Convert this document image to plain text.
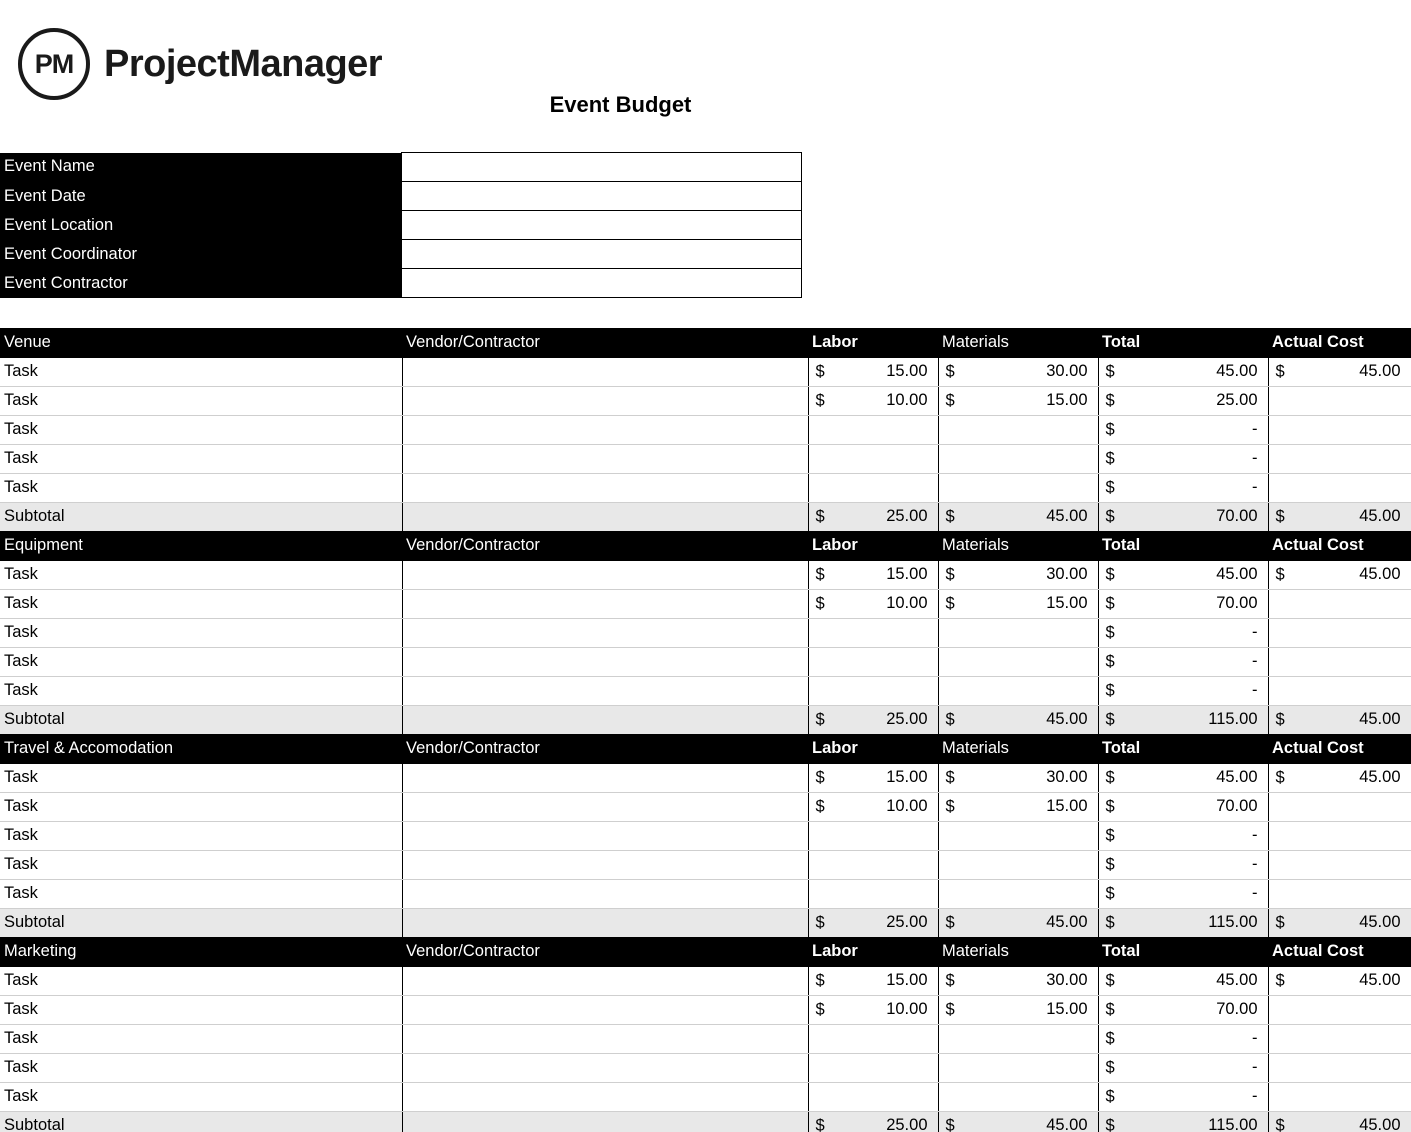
PM ProjectManager
Event Budget
Event Name	
Event Date	
Event Location	
Event Coordinator	
Event Contractor	
Venue	Vendor/Contractor	Labor	Materials	Total	Actual Cost
Task		$ 15.00	$ 30.00	$ 45.00	$ 45.00

Task		$ 10.00	$ 15.00	$ 25.00	

Task				$ -	

Task				$ -	

Task				$ -	

Subtotal		$ 25.00	$ 45.00	$ 70.00	$ 45.00

Equipment	Vendor/Contractor	Labor	Materials	Total	Actual Cost
Task		$ 15.00	$ 30.00	$ 45.00	$ 45.00

Task		$ 10.00	$ 15.00	$ 70.00	

Task				$ -	

Task				$ -	

Task				$ -	

Subtotal		$ 25.00	$ 45.00	$ 115.00	$ 45.00

Travel & Accomodation	Vendor/Contractor	Labor	Materials	Total	Actual Cost
Task		$ 15.00	$ 30.00	$ 45.00	$ 45.00

Task		$ 10.00	$ 15.00	$ 70.00	

Task				$ -	

Task				$ -	

Task				$ -	

Subtotal		$ 25.00	$ 45.00	$ 115.00	$ 45.00

Marketing	Vendor/Contractor	Labor	Materials	Total	Actual Cost
Task		$ 15.00	$ 30.00	$ 45.00	$ 45.00

Task		$ 10.00	$ 15.00	$ 70.00	

Task				$ -	

Task				$ -	

Task				$ -	

Subtotal		$ 25.00	$ 45.00	$ 115.00	$ 45.00
